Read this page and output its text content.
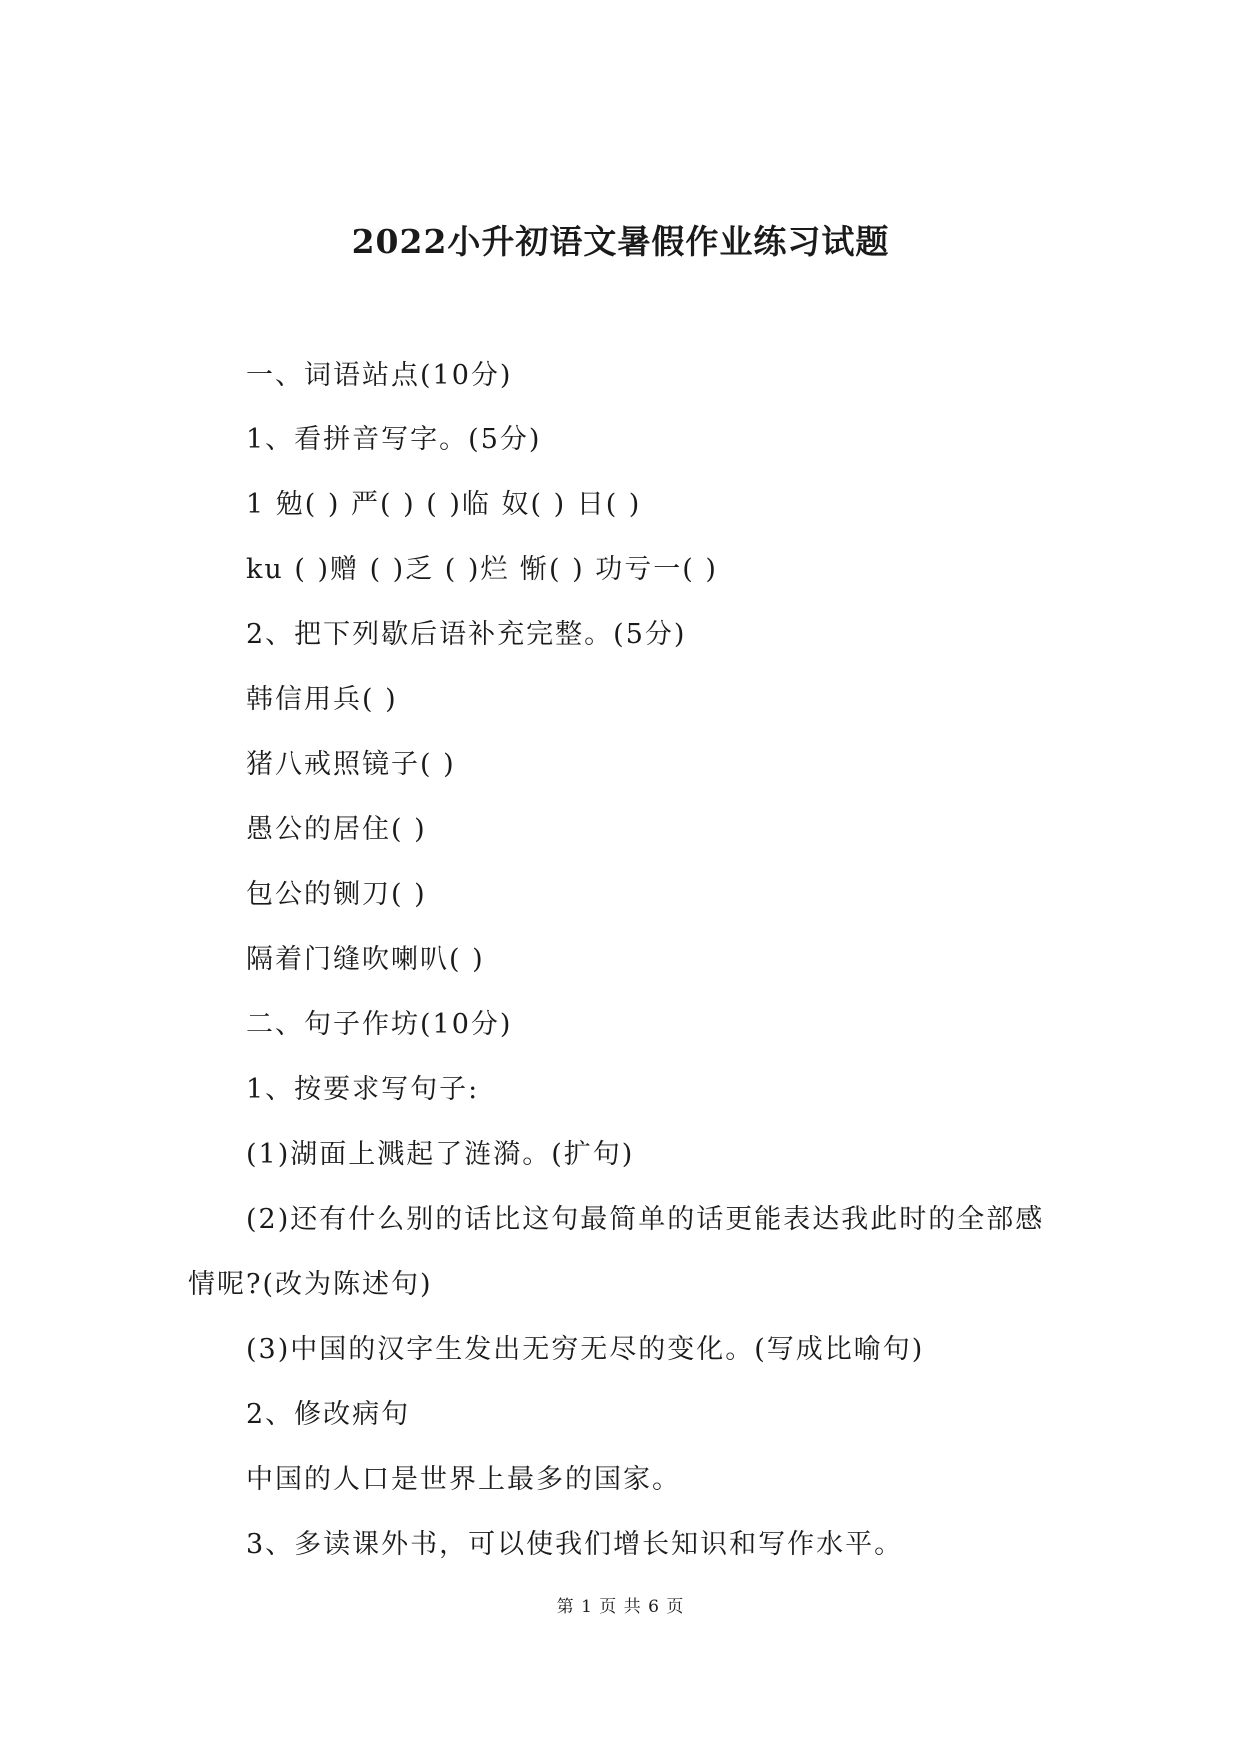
2022小升初语文暑假作业练习试题
一、词语站点(10分)
1、看拼音写字。(5分)
1 勉( ) 严( ) ( )临 奴( ) 日( )
ku ( )赠 ( )乏 ( )烂 惭( ) 功亏一( )
2、把下列歇后语补充完整。(5分)
韩信用兵( )
猪八戒照镜子( )
愚公的居住( )
包公的铡刀( )
隔着门缝吹喇叭( )
二、句子作坊(10分)
1、按要求写句子:
(1)湖面上溅起了涟漪。(扩句)
(2)还有什么别的话比这句最简单的话更能表达我此时的全部感
情呢?(改为陈述句)
(3)中国的汉字生发出无穷无尽的变化。(写成比喻句)
2、修改病句
中国的人口是世界上最多的国家。
3、多读课外书，可以使我们增长知识和写作水平。
第 1 页 共 6 页
